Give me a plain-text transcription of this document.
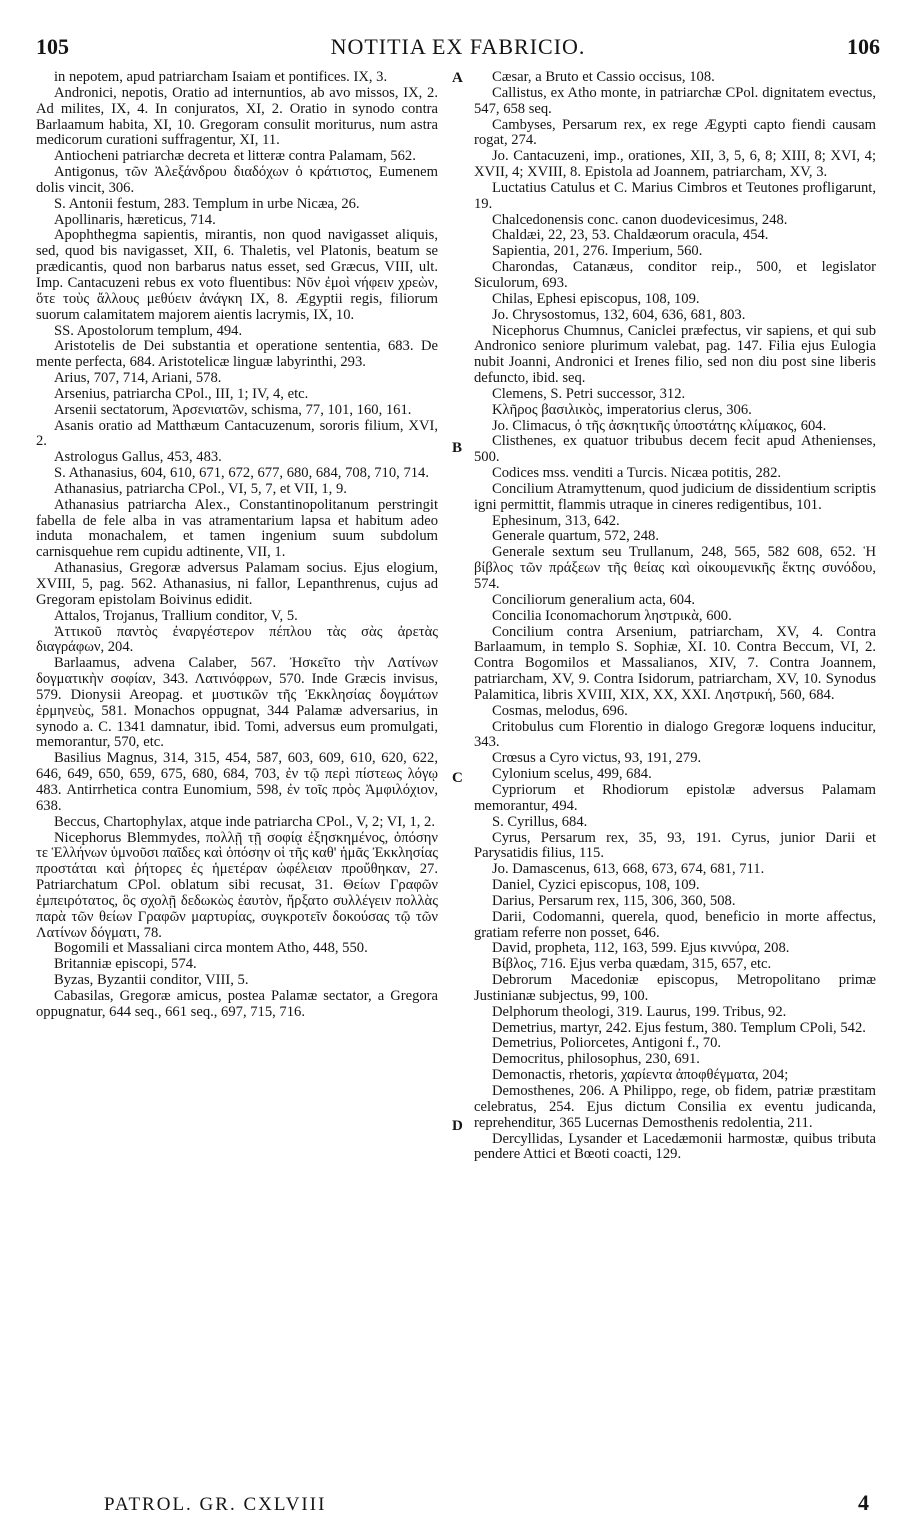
105	NOTITIA EX FABRICIO.	106

in nepotem, apud patriarcham Isaiam et pontifices. IX, 3.

Andronici, nepotis, Oratio ad internuntios, ab avo missos, IX, 2. Ad milites, IX, 4. In conjuratos, XI, 2. Oratio in synodo contra Barlaamum habita, XI, 10. Gregoram consulit moriturus, num astra medicorum curationi suffragentur, XI, 11.

Antiocheni patriarchæ decreta et litteræ contra Palamam, 562.

Antigonus, τῶν Ἀλεξάνδρου διαδόχων ὁ κράτιστος, Eumenem dolis vincit, 306.

S. Antonii festum, 283. Templum in urbe Nicæa, 26.

Apollinaris, hæreticus, 714.

Apophthegma sapientis, mirantis, non quod navigasset aliquis, sed, quod bis navigasset, XII, 6. Thaletis, vel Platonis, beatum se prædicantis, quod non barbarus natus esset, sed Græcus, VIII, ult. Imp. Cantacuzeni rebus ex voto fluentibus: Νῦν ἐμοὶ νήφειν χρεὼν, ὅτε τοὺς ἄλλους μεθύειν ἀνάγκη IX, 8. Ægyptii regis, filiorum suorum calamitatem majorem aientis lacrymis, IX, 10.

SS. Apostolorum templum, 494.

Aristotelis de Dei substantia et operatione sententia, 683. De mente perfecta, 684. Aristotelicæ linguæ labyrinthi, 293.

Arius, 707, 714, Ariani, 578.

Arsenius, patriarcha CPol., III, 1; IV, 4, etc.

Arsenii sectatorum, Ἀρσενιατῶν, schisma, 77, 101, 160, 161.

Asanis oratio ad Matthæum Cantacuzenum, sororis filium, XVI, 2.

Astrologus Gallus, 453, 483.

S. Athanasius, 604, 610, 671, 672, 677, 680, 684, 708, 710, 714.

Athanasius, patriarcha CPol., VI, 5, 7, et VII, 1, 9.

Athanasius patriarcha Alex., Constantinopolitanum perstringit fabella de fele alba in vas atramentarium lapsa et habitum adeo induta monachalem, et tamen ingenium suum subdolum carnisquehue rem cupidu adtinente, VII, 1.

Athanasius, Gregoræ adversus Palamam socius. Ejus elogium, XVIII, 5, pag. 562. Athanasius, ni fallor, Lepanthrenus, cujus ad Gregoram epistolam Boivinus edidit.

Attalos, Trojanus, Trallium conditor, V, 5.

Ἀττικοῦ παντὸς ἐναργέστερον πέπλου τὰς σὰς ἀρετὰς διαγράφων, 204.

Barlaamus, advena Calaber, 567. Ἠσκεῖτο τὴν Λατίνων δογματικὴν σοφίαν, 343. Λατινόφρων, 570. Inde Græcis invisus, 579. Dionysii Areopag. et μυστικῶν τῆς Ἐκκλησίας δογμάτων ἑρμηνεὺς, 581. Monachos oppugnat, 344 Palamæ adversarius, in synodo a. C. 1341 damnatur, ibid. Tomi, adversus eum promulgati, memorantur, 570, etc.

Basilius Magnus, 314, 315, 454, 587, 603, 609, 610, 620, 622, 646, 649, 650, 659, 675, 680, 684, 703, ἐν τῷ περὶ πίστεως λόγῳ 483. Antirrhetica contra Eunomium, 598, ἐν τοῖς πρὸς Ἀμφιλόχιον, 638.

Beccus, Chartophylax, atque inde patriarcha CPol., V, 2; VI, 1, 2.

Nicephorus Blemmydes, πολλῇ τῇ σοφίᾳ ἐξησκημένος, ὁπόσην τε Ἑλλήνων ὑμνοῦσι παῖδες καὶ ὁπόσην οἱ τῆς καθ' ἡμᾶς Ἐκκλησίας προστάται καὶ ῥήτορες ἐς ἡμετέραν ὠφέλειαν προὔθηκαν, 27. Patriarchatum CPol. oblatum sibi recusat, 31. Θείων Γραφῶν ἐμπειρότατος, ὃς σχολῇ δεδωκὼς ἑαυτὸν, ἤρξατο συλλέγειν πολλὰς παρὰ τῶν θείων Γραφῶν μαρτυρίας, συγκροτεῖν δοκούσας τῷ τῶν Λατίνων δόγματι, 78.

Bogomili et Massaliani circa montem Atho, 448, 550.

Britanniæ episcopi, 574.

Byzas, Byzantii conditor, VIII, 5.

Cabasilas, Gregoræ amicus, postea Palamæ sectator, a Gregora oppugnatur, 644 seq., 661 seq., 697, 715, 716.

Cæsar, a Bruto et Cassio occisus, 108.

Callistus, ex Atho monte, in patriarchæ CPol. dignitatem evectus, 547, 658 seq.

Cambyses, Persarum rex, ex rege Ægypti capto fiendi causam rogat, 274.

Jo. Cantacuzeni, imp., orationes, XII, 3, 5, 6, 8; XIII, 8; XVI, 4; XVII, 4; XVIII, 8. Epistola ad Joannem, patriarcham, XV, 3.

Luctatius Catulus et C. Marius Cimbros et Teutones profligarunt, 19.

Chalcedonensis conc. canon duodevicesimus, 248.

Chaldæi, 22, 23, 53. Chaldæorum oracula, 454.

Sapientia, 201, 276. Imperium, 560.

Charondas, Catanæus, conditor reip., 500, et legislator Siculorum, 693.

Chilas, Ephesi episcopus, 108, 109.

Jo. Chrysostomus, 132, 604, 636, 681, 803.

Nicephorus Chumnus, Caniclei præfectus, vir sapiens, et qui sub Andronico seniore plurimum valebat, pag. 147. Filia ejus Eulogia nubit Joanni, Andronici et Irenes filio, sed non diu post sine liberis defuncto, ibid. seq.

Clemens, S. Petri successor, 312.

Κλῆρος βασιλικὸς, imperatorius clerus, 306.

Jo. Climacus, ὁ τῆς ἀσκητικῆς ὑποστάτης κλίμακος, 604.

Clisthenes, ex quatuor tribubus decem fecit apud Athenienses, 500.

Codices mss. venditi a Turcis. Nicæa potitis, 282.

Concilium Atramyttenum, quod judicium de dissidentium scriptis igni permittit, flammis utraque in cineres redigentibus, 101.

Ephesinum, 313, 642.

Generale quartum, 572, 248.

Generale sextum seu Trullanum, 248, 565, 582 608, 652. Ἡ βίβλος τῶν πράξεων τῆς θείας καὶ οἰκουμενικῆς ἕκτης συνόδου, 574.

Conciliorum generalium acta, 604.

Concilia Iconomachorum ληστρικὰ, 600.

Concilium contra Arsenium, patriarcham, XV, 4. Contra Barlaamum, in templo S. Sophiæ, XI. 10. Contra Beccum, VI, 2. Contra Bogomilos et Massalianos, XIV, 7. Contra Joannem, patriarcham, XV, 9. Contra Isidorum, patriarcham, XV, 10. Synodus Palamitica, libris XVIII, XIX, XX, XXI. Ληστρική, 560, 684.

Cosmas, melodus, 696.

Critobulus cum Florentio in dialogo Gregoræ loquens inducitur, 343.

Crœsus a Cyro victus, 93, 191, 279.

Cylonium scelus, 499, 684.

Cypriorum et Rhodiorum epistolæ adversus Palamam memorantur, 494.

S. Cyrillus, 684.

Cyrus, Persarum rex, 35, 93, 191. Cyrus, junior Darii et Parysatidis filius, 115.

Jo. Damascenus, 613, 668, 673, 674, 681, 711.

Daniel, Cyzici episcopus, 108, 109.

Darius, Persarum rex, 115, 306, 360, 508.

Darii, Codomanni, querela, quod, beneficio in morte affectus, gratiam referre non posset, 646.

David, propheta, 112, 163, 599. Ejus κιννύρα, 208.

Βίβλος, 716. Ejus verba quædam, 315, 657, etc.

Debrorum Macedoniæ episcopus, Metropolitano primæ Justinianæ subjectus, 99, 100.

Delphorum theologi, 319. Laurus, 199. Tribus, 92.

Demetrius, martyr, 242. Ejus festum, 380. Templum CPoli, 542.

Demetrius, Poliorcetes, Antigoni f., 70.

Democritus, philosophus, 230, 691.

Demonactis, rhetoris, χαρίεντα ἀποφθέγματα, 204;

Demosthenes, 206. A Philippo, rege, ob fidem, patriæ præstitam celebratus, 254. Ejus dictum Consilia ex eventu judicanda, reprehenditur, 365 Lucernas Demosthenis redolentia, 211.

Dercyllidas, Lysander et Lacedæmonii harmostæ, quibus tributa pendere Attici et Bœoti coacti, 129.

A
B
C
D
PATROL. GR. CXLVIII	4
